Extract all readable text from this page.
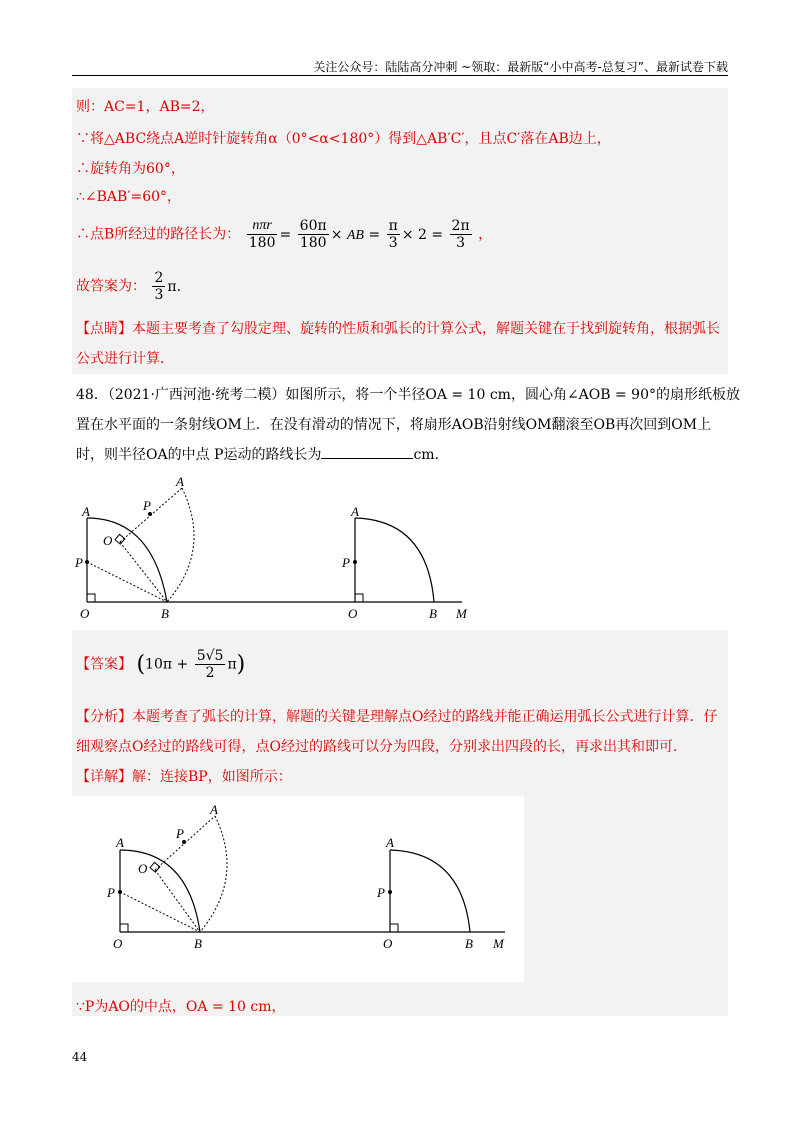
关注公众号：陆陆高分冲刺 ~领取：最新版“小中高考-总复习”、最新试卷下载
则：AC=1，AB=2，
∵将△ABC绕点A逆时针旋转角α（0°<α<180°）得到△AB′C′，且点C′落在AB边上，
∴旋转角为60°，
∴∠BAB′=60°，
∴点B所经过的路径长为： $\frac{\text{nπr}}{180} = \frac{60\pi}{180}$ × AB = $\frac{\pi}{3} \times 2 = \frac{2\pi}{3}$ ，
故答案为： $\frac{2}{3}$ π．
【点睛】本题主要考查了勾股定理、旋转的性质和弧长的计算公式，解题关键在于找到旋转角，根据弧长
公式进行计算．
48．（2021·广西河池·统考二模）如图所示，将一个半径OA = 10 cm，圆心角∠AOB = 90°的扇形纸板放
置在水平面的一条射线OM上．在没有滑动的情况下，将扇形AOB沿射线OM翻滚至OB再次回到OM上
时，则半径OA的中点 P运动的路线长为	cm．
A
A
P
O
P
O	B
A
P
O	B M
【答案】 $(10\pi + \frac{5√5}{2} \pi)$
【分析】本题考查了弧长的计算，解题的关键是理解点O经过的路线并能正确运用弧长公式进行计算．仔
细观察点O经过的路线可得，点O经过的路线可以分为四段，分别求出四段的长，再求出其和即可．
【详解】解：连接BP，如图所示：
A
A
P
O
P
O	B
A
P
O	B M
∵P为AO的中点，OA = 10 cm，
44
